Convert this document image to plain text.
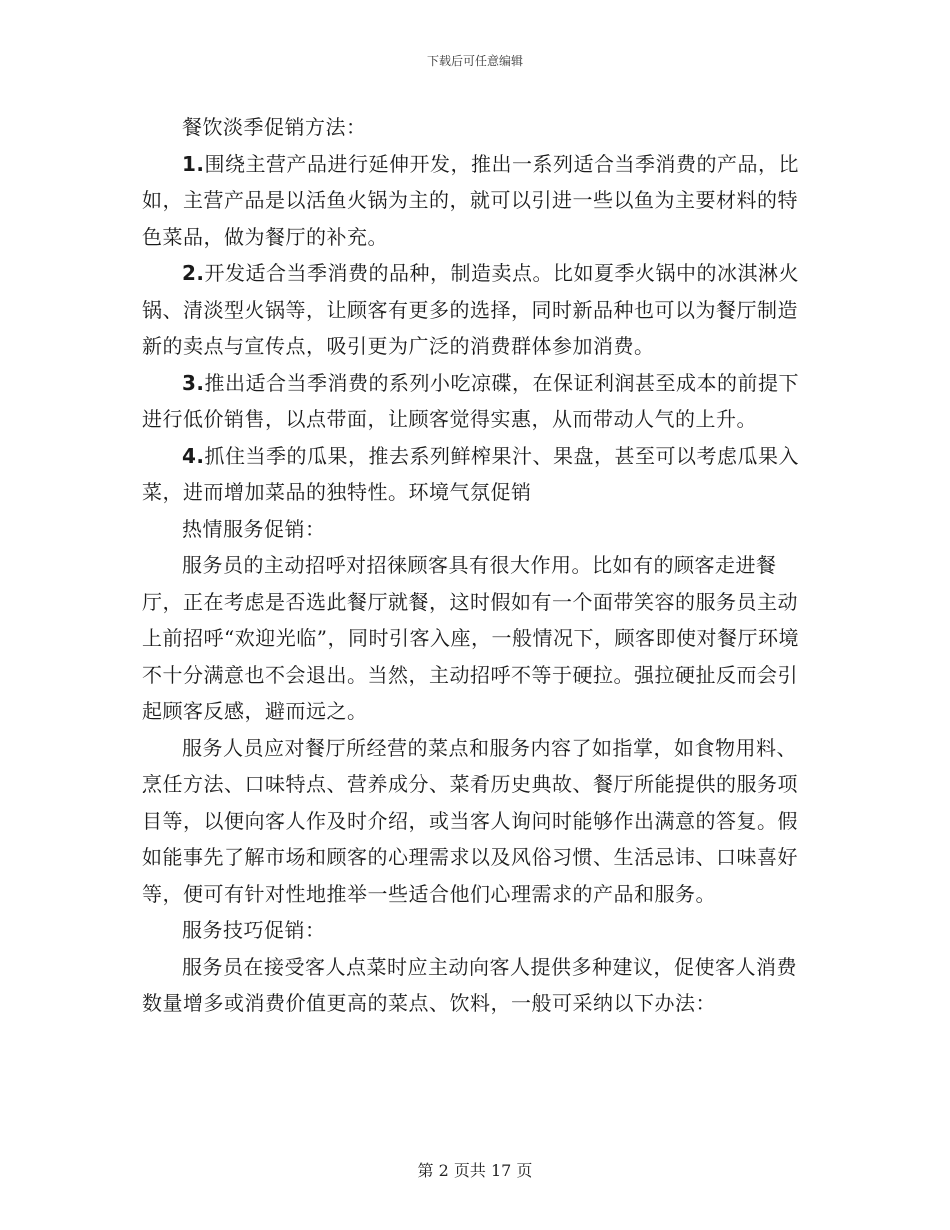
下载后可任意编辑

餐饮淡季促销方法：

1.围绕主营产品进行延伸开发，推出一系列适合当季消费的产品，比如，主营产品是以活鱼火锅为主的，就可以引进一些以鱼为主要材料的特色菜品，做为餐厅的补充。

2.开发适合当季消费的品种，制造卖点。比如夏季火锅中的冰淇淋火锅、清淡型火锅等，让顾客有更多的选择，同时新品种也可以为餐厅制造新的卖点与宣传点，吸引更为广泛的消费群体参加消费。

3.推出适合当季消费的系列小吃凉碟，在保证利润甚至成本的前提下进行低价销售，以点带面，让顾客觉得实惠，从而带动人气的上升。

4.抓住当季的瓜果，推去系列鲜榨果汁、果盘，甚至可以考虑瓜果入菜，进而增加菜品的独特性。环境气氛促销

热情服务促销：

服务员的主动招呼对招徕顾客具有很大作用。比如有的顾客走进餐厅，正在考虑是否选此餐厅就餐，这时假如有一个面带笑容的服务员主动上前招呼“欢迎光临”，同时引客入座，一般情况下，顾客即使对餐厅环境不十分满意也不会退出。当然，主动招呼不等于硬拉。强拉硬扯反而会引起顾客反感，避而远之。

服务人员应对餐厅所经营的菜点和服务内容了如指掌，如食物用料、烹任方法、口味特点、营养成分、菜肴历史典故、餐厅所能提供的服务项目等，以便向客人作及时介绍，或当客人询问时能够作出满意的答复。假如能事先了解市场和顾客的心理需求以及风俗习惯、生活忌讳、口味喜好等，便可有针对性地推举一些适合他们心理需求的产品和服务。

服务技巧促销：

服务员在接受客人点菜时应主动向客人提供多种建议，促使客人消费数量增多或消费价值更高的菜点、饮料，一般可采纳以下办法：

第 2 页共 17 页
